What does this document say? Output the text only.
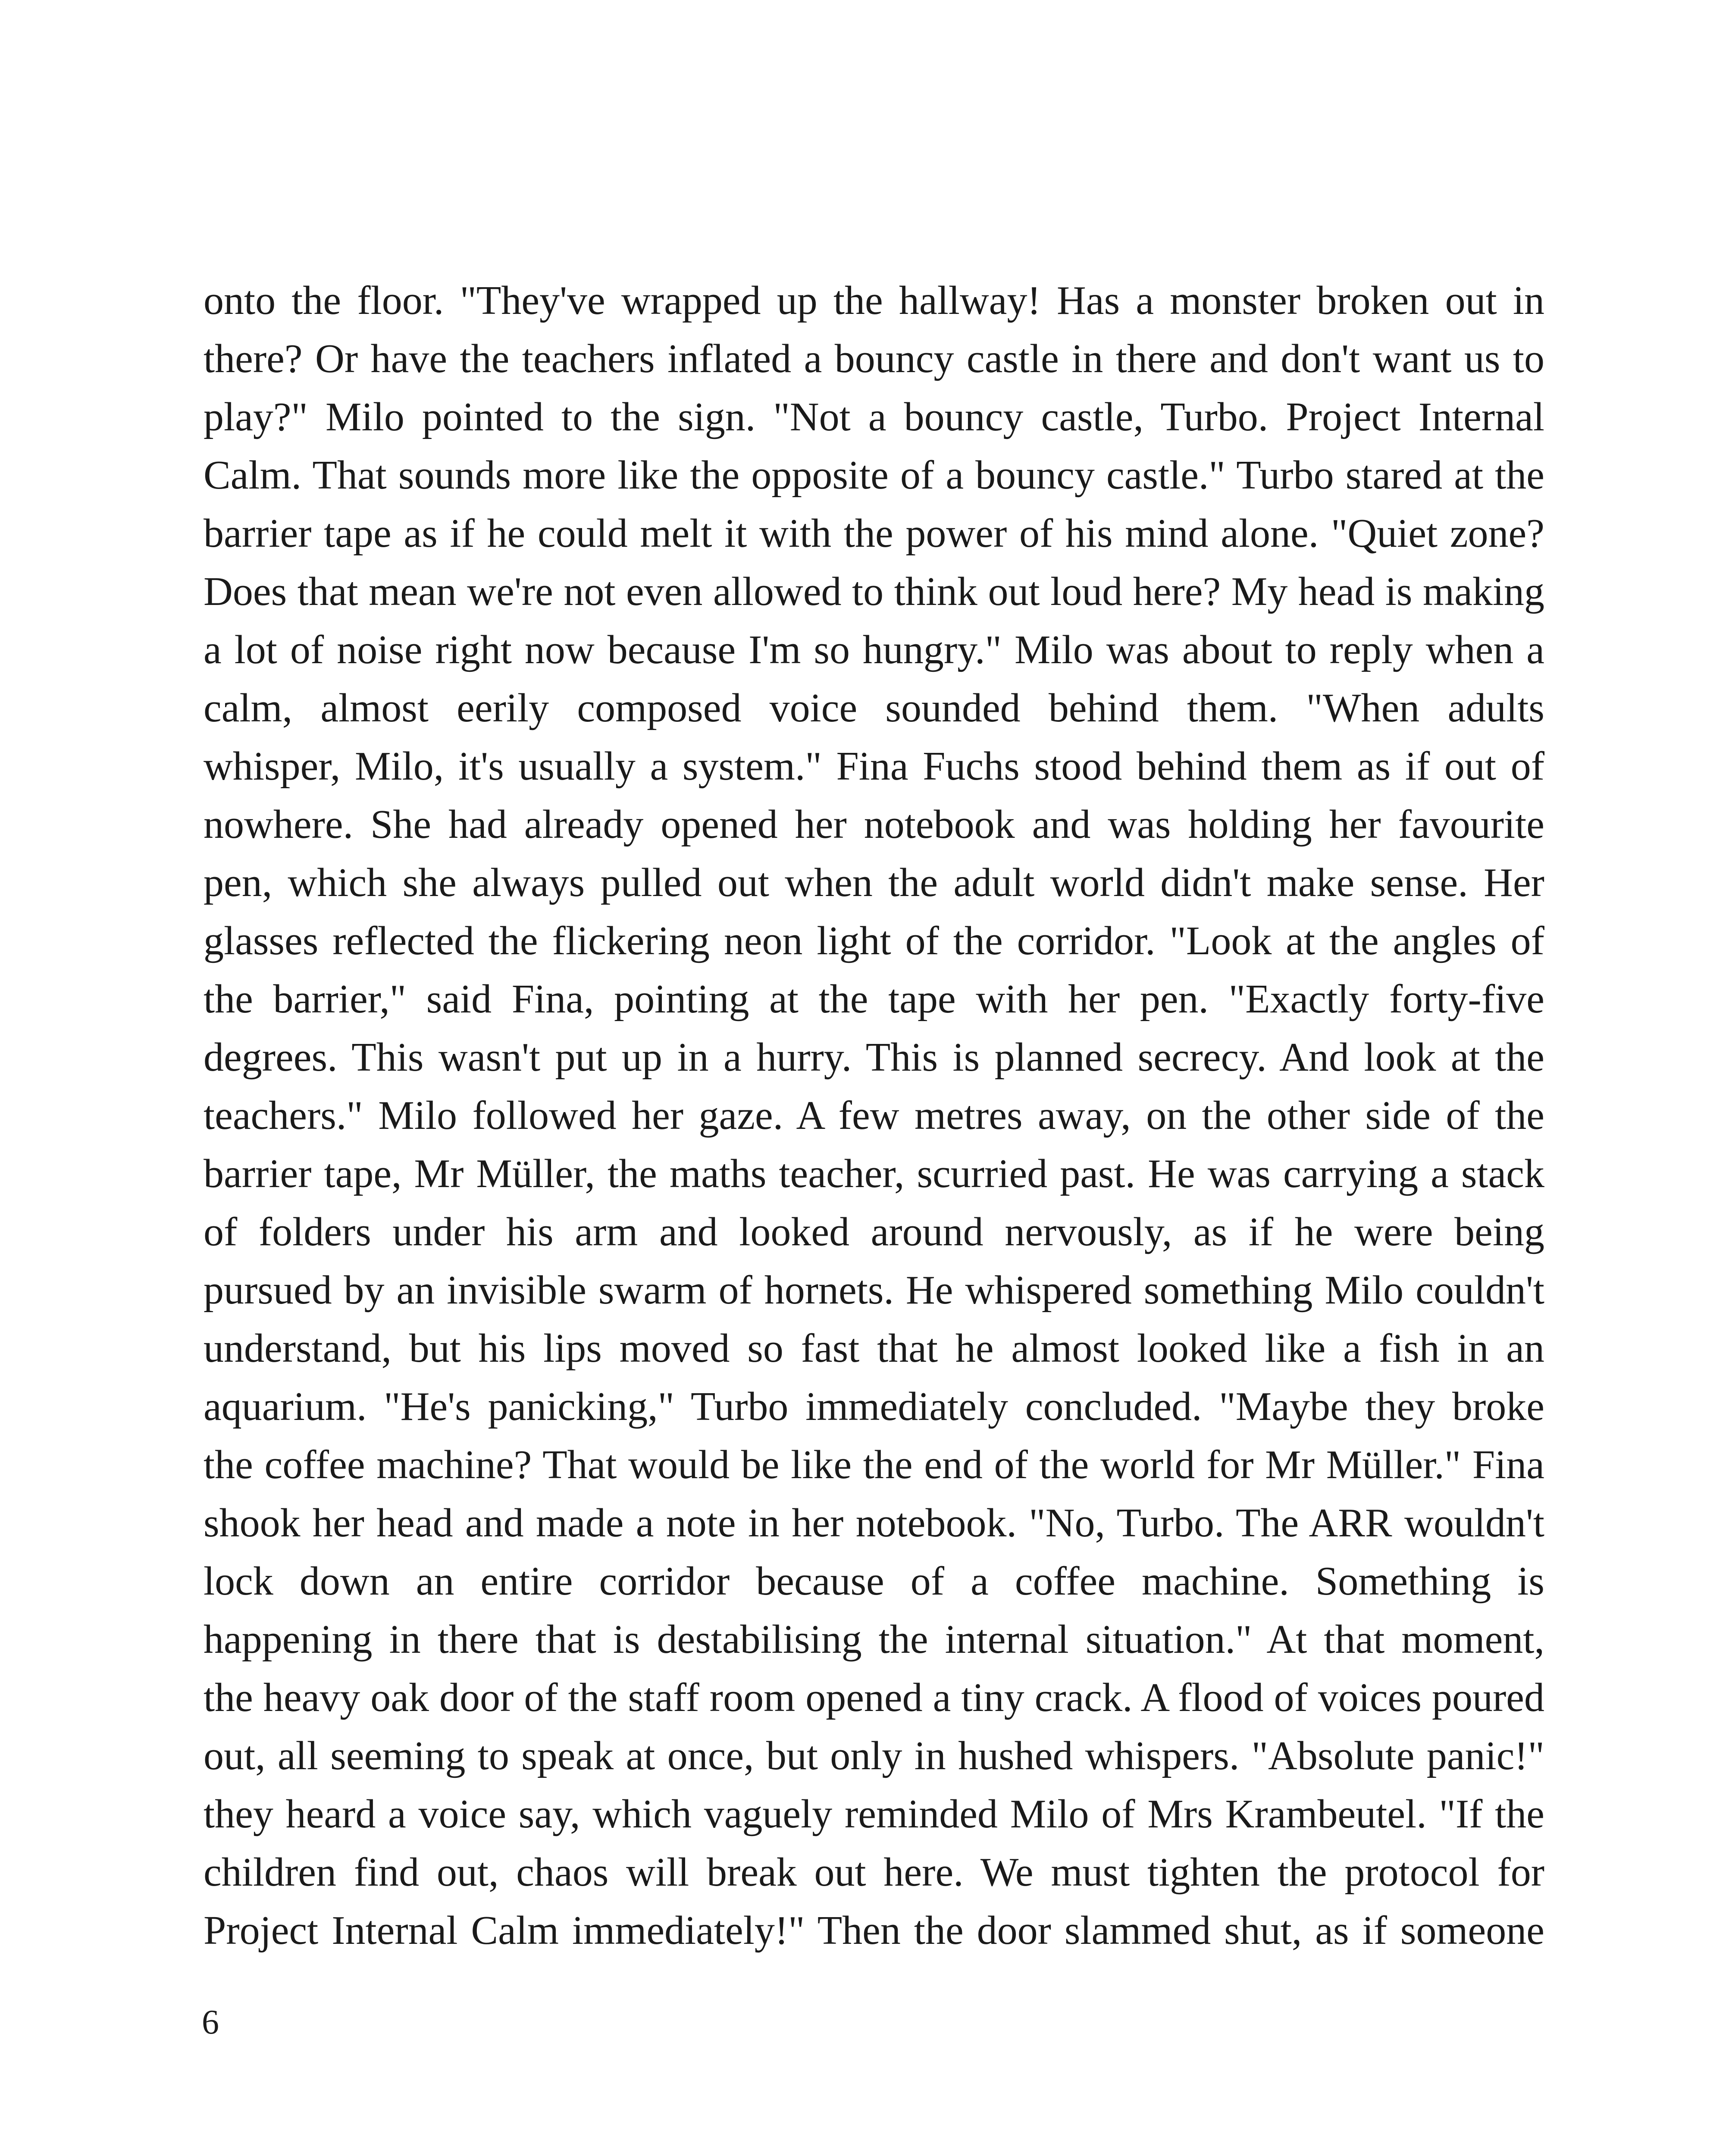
onto the floor. "They've wrapped up the hallway! Has a monster broken out in
there? Or have the teachers inflated a bouncy castle in there and don't want us to
play?" Milo pointed to the sign. "Not a bouncy castle, Turbo. Project Internal
Calm. That sounds more like the opposite of a bouncy castle." Turbo stared at the
barrier tape as if he could melt it with the power of his mind alone. "Quiet zone?
Does that mean we're not even allowed to think out loud here? My head is making
a lot of noise right now because I'm so hungry." Milo was about to reply when a
calm, almost eerily composed voice sounded behind them. "When adults
whisper, Milo, it's usually a system." Fina Fuchs stood behind them as if out of
nowhere. She had already opened her notebook and was holding her favourite
pen, which she always pulled out when the adult world didn't make sense. Her
glasses reflected the flickering neon light of the corridor. "Look at the angles of
the barrier," said Fina, pointing at the tape with her pen. "Exactly forty-five
degrees. This wasn't put up in a hurry. This is planned secrecy. And look at the
teachers." Milo followed her gaze. A few metres away, on the other side of the
barrier tape, Mr Müller, the maths teacher, scurried past. He was carrying a stack
of folders under his arm and looked around nervously, as if he were being
pursued by an invisible swarm of hornets. He whispered something Milo couldn't
understand, but his lips moved so fast that he almost looked like a fish in an
aquarium. "He's panicking," Turbo immediately concluded. "Maybe they broke
the coffee machine? That would be like the end of the world for Mr Müller." Fina
shook her head and made a note in her notebook. "No, Turbo. The ARR wouldn't
lock down an entire corridor because of a coffee machine. Something is
happening in there that is destabilising the internal situation." At that moment,
the heavy oak door of the staff room opened a tiny crack. A flood of voices poured
out, all seeming to speak at once, but only in hushed whispers. "Absolute panic!"
they heard a voice say, which vaguely reminded Milo of Mrs Krambeutel. "If the
children find out, chaos will break out here. We must tighten the protocol for
Project Internal Calm immediately!" Then the door slammed shut, as if someone
6
